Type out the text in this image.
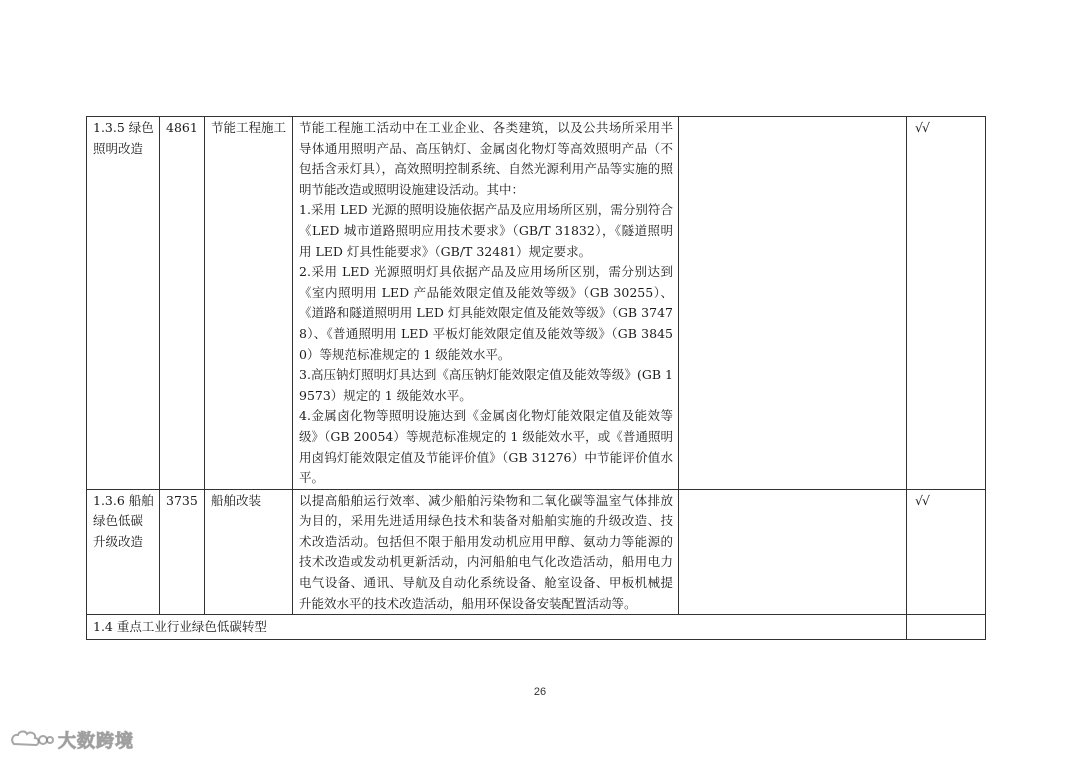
1.3.5 绿色照明改造	4861	节能工程施工	节能工程施工活动中在工业企业、各类建筑，以及公共场所采用半导体通用照明产品、高压钠灯、金属卤化物灯等高效照明产品（不包括含汞灯具），高效照明控制系统、自然光源利用产品等实施的照明节能改造或照明设施建设活动。其中：

1.采用 LED 光源的照明设施依据产品及应用场所区别，需分别符合《LED 城市道路照明应用技术要求》（GB/T 31832），《隧道照明用 LED 灯具性能要求》（GB/T 32481）规定要求。

2.采用 LED 光源照明灯具依据产品及应用场所区别，需分别达到《室内照明用 LED 产品能效限定值及能效等级》（GB 30255）、《道路和隧道照明用 LED 灯具能效限定值及能效等级》（GB 37478）、《普通照明用 LED 平板灯能效限定值及能效等级》（GB 38450）等规范标准规定的 1 级能效水平。

3.高压钠灯照明灯具达到《高压钠灯能效限定值及能效等级》(GB 19573）规定的 1 级能效水平。

4.金属卤化物等照明设施达到《金属卤化物灯能效限定值及能效等级》（GB 20054）等规范标准规定的 1 级能效水平，或《普通照明用卤钨灯能效限定值及节能评价值》（GB 31276）中节能评价值水平。		√√
1.3.6 船舶绿色低碳升级改造	3735	船舶改装	以提高船舶运行效率、减少船舶污染物和二氧化碳等温室气体排放为目的，采用先进适用绿色技术和装备对船舶实施的升级改造、技术改造活动。包括但不限于船用发动机应用甲醇、氨动力等能源的技术改造或发动机更新活动，内河船舶电气化改造活动，船用电力电气设备、通讯、导航及自动化系统设备、舱室设备、甲板机械提升能效水平的技术改造活动，船用环保设备安装配置活动等。		√√
1.4 重点工业行业绿色低碳转型					
26
大数跨境
